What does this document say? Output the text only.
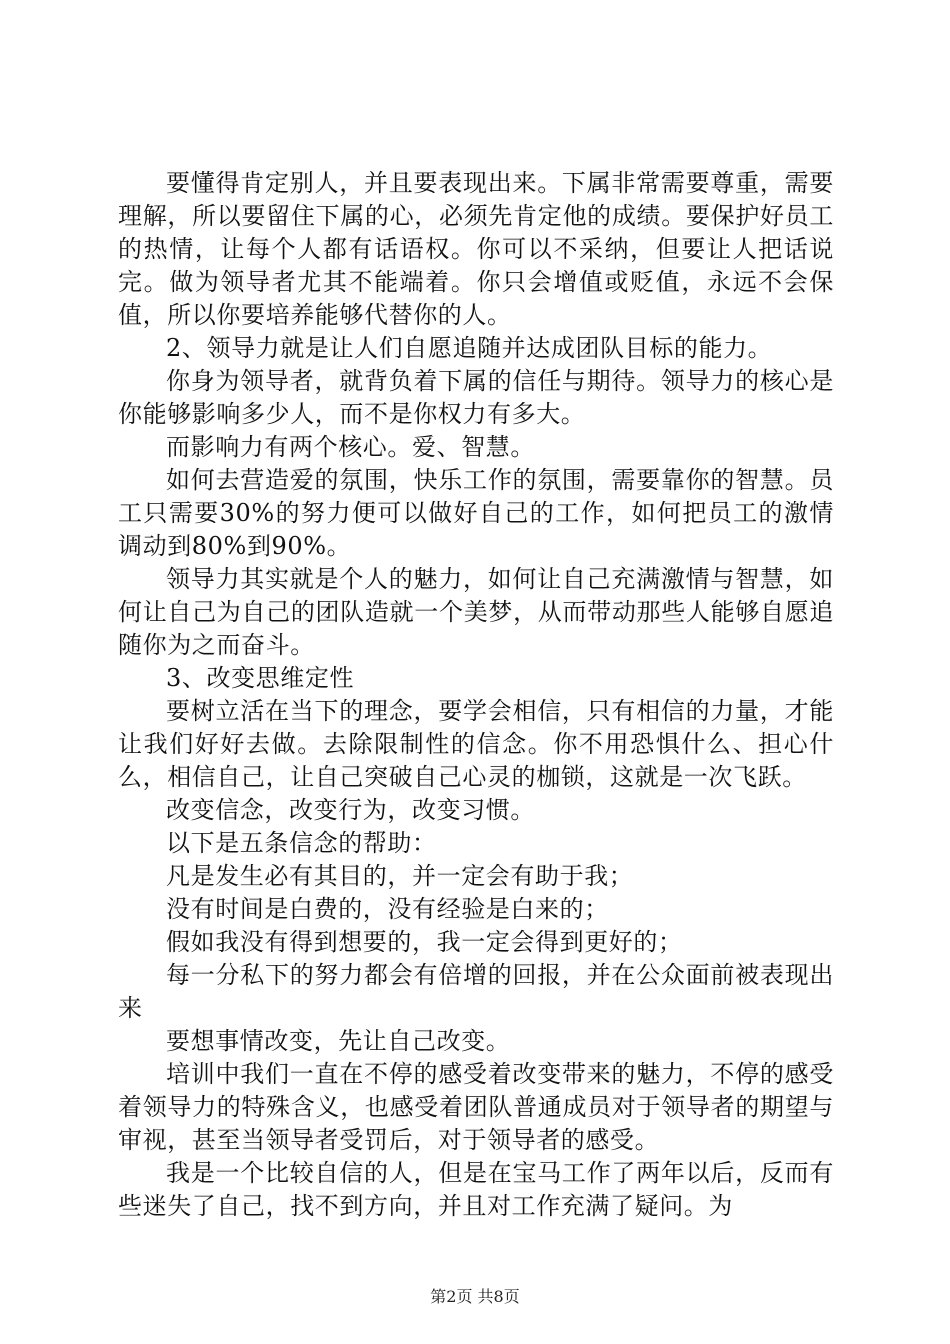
要懂得肯定别人，并且要表现出来。下属非常需要尊重，需要理解，所以要留住下属的心，必须先肯定他的成绩。要保护好员工的热情，让每个人都有话语权。你可以不采纳，但要让人把话说完。做为领导者尤其不能端着。你只会增值或贬值，永远不会保值，所以你要培养能够代替你的人。

2、领导力就是让人们自愿追随并达成团队目标的能力。

你身为领导者，就背负着下属的信任与期待。领导力的核心是你能够影响多少人，而不是你权力有多大。

而影响力有两个核心。爱、智慧。

如何去营造爱的氛围，快乐工作的氛围，需要靠你的智慧。员工只需要30%的努力便可以做好自己的工作，如何把员工的激情调动到80%到90%。

领导力其实就是个人的魅力，如何让自己充满激情与智慧，如何让自己为自己的团队造就一个美梦，从而带动那些人能够自愿追随你为之而奋斗。

3、改变思维定性

要树立活在当下的理念，要学会相信，只有相信的力量，才能让我们好好去做。去除限制性的信念。你不用恐惧什么、担心什么，相信自己，让自己突破自己心灵的枷锁，这就是一次飞跃。

改变信念，改变行为，改变习惯。

以下是五条信念的帮助：

凡是发生必有其目的，并一定会有助于我；

没有时间是白费的，没有经验是白来的；

假如我没有得到想要的，我一定会得到更好的；

每一分私下的努力都会有倍增的回报，并在公众面前被表现出来

要想事情改变，先让自己改变。

培训中我们一直在不停的感受着改变带来的魅力，不停的感受着领导力的特殊含义，也感受着团队普通成员对于领导者的期望与审视，甚至当领导者受罚后，对于领导者的感受。

我是一个比较自信的人，但是在宝马工作了两年以后，反而有些迷失了自己，找不到方向，并且对工作充满了疑问。为

第2页 共8页
